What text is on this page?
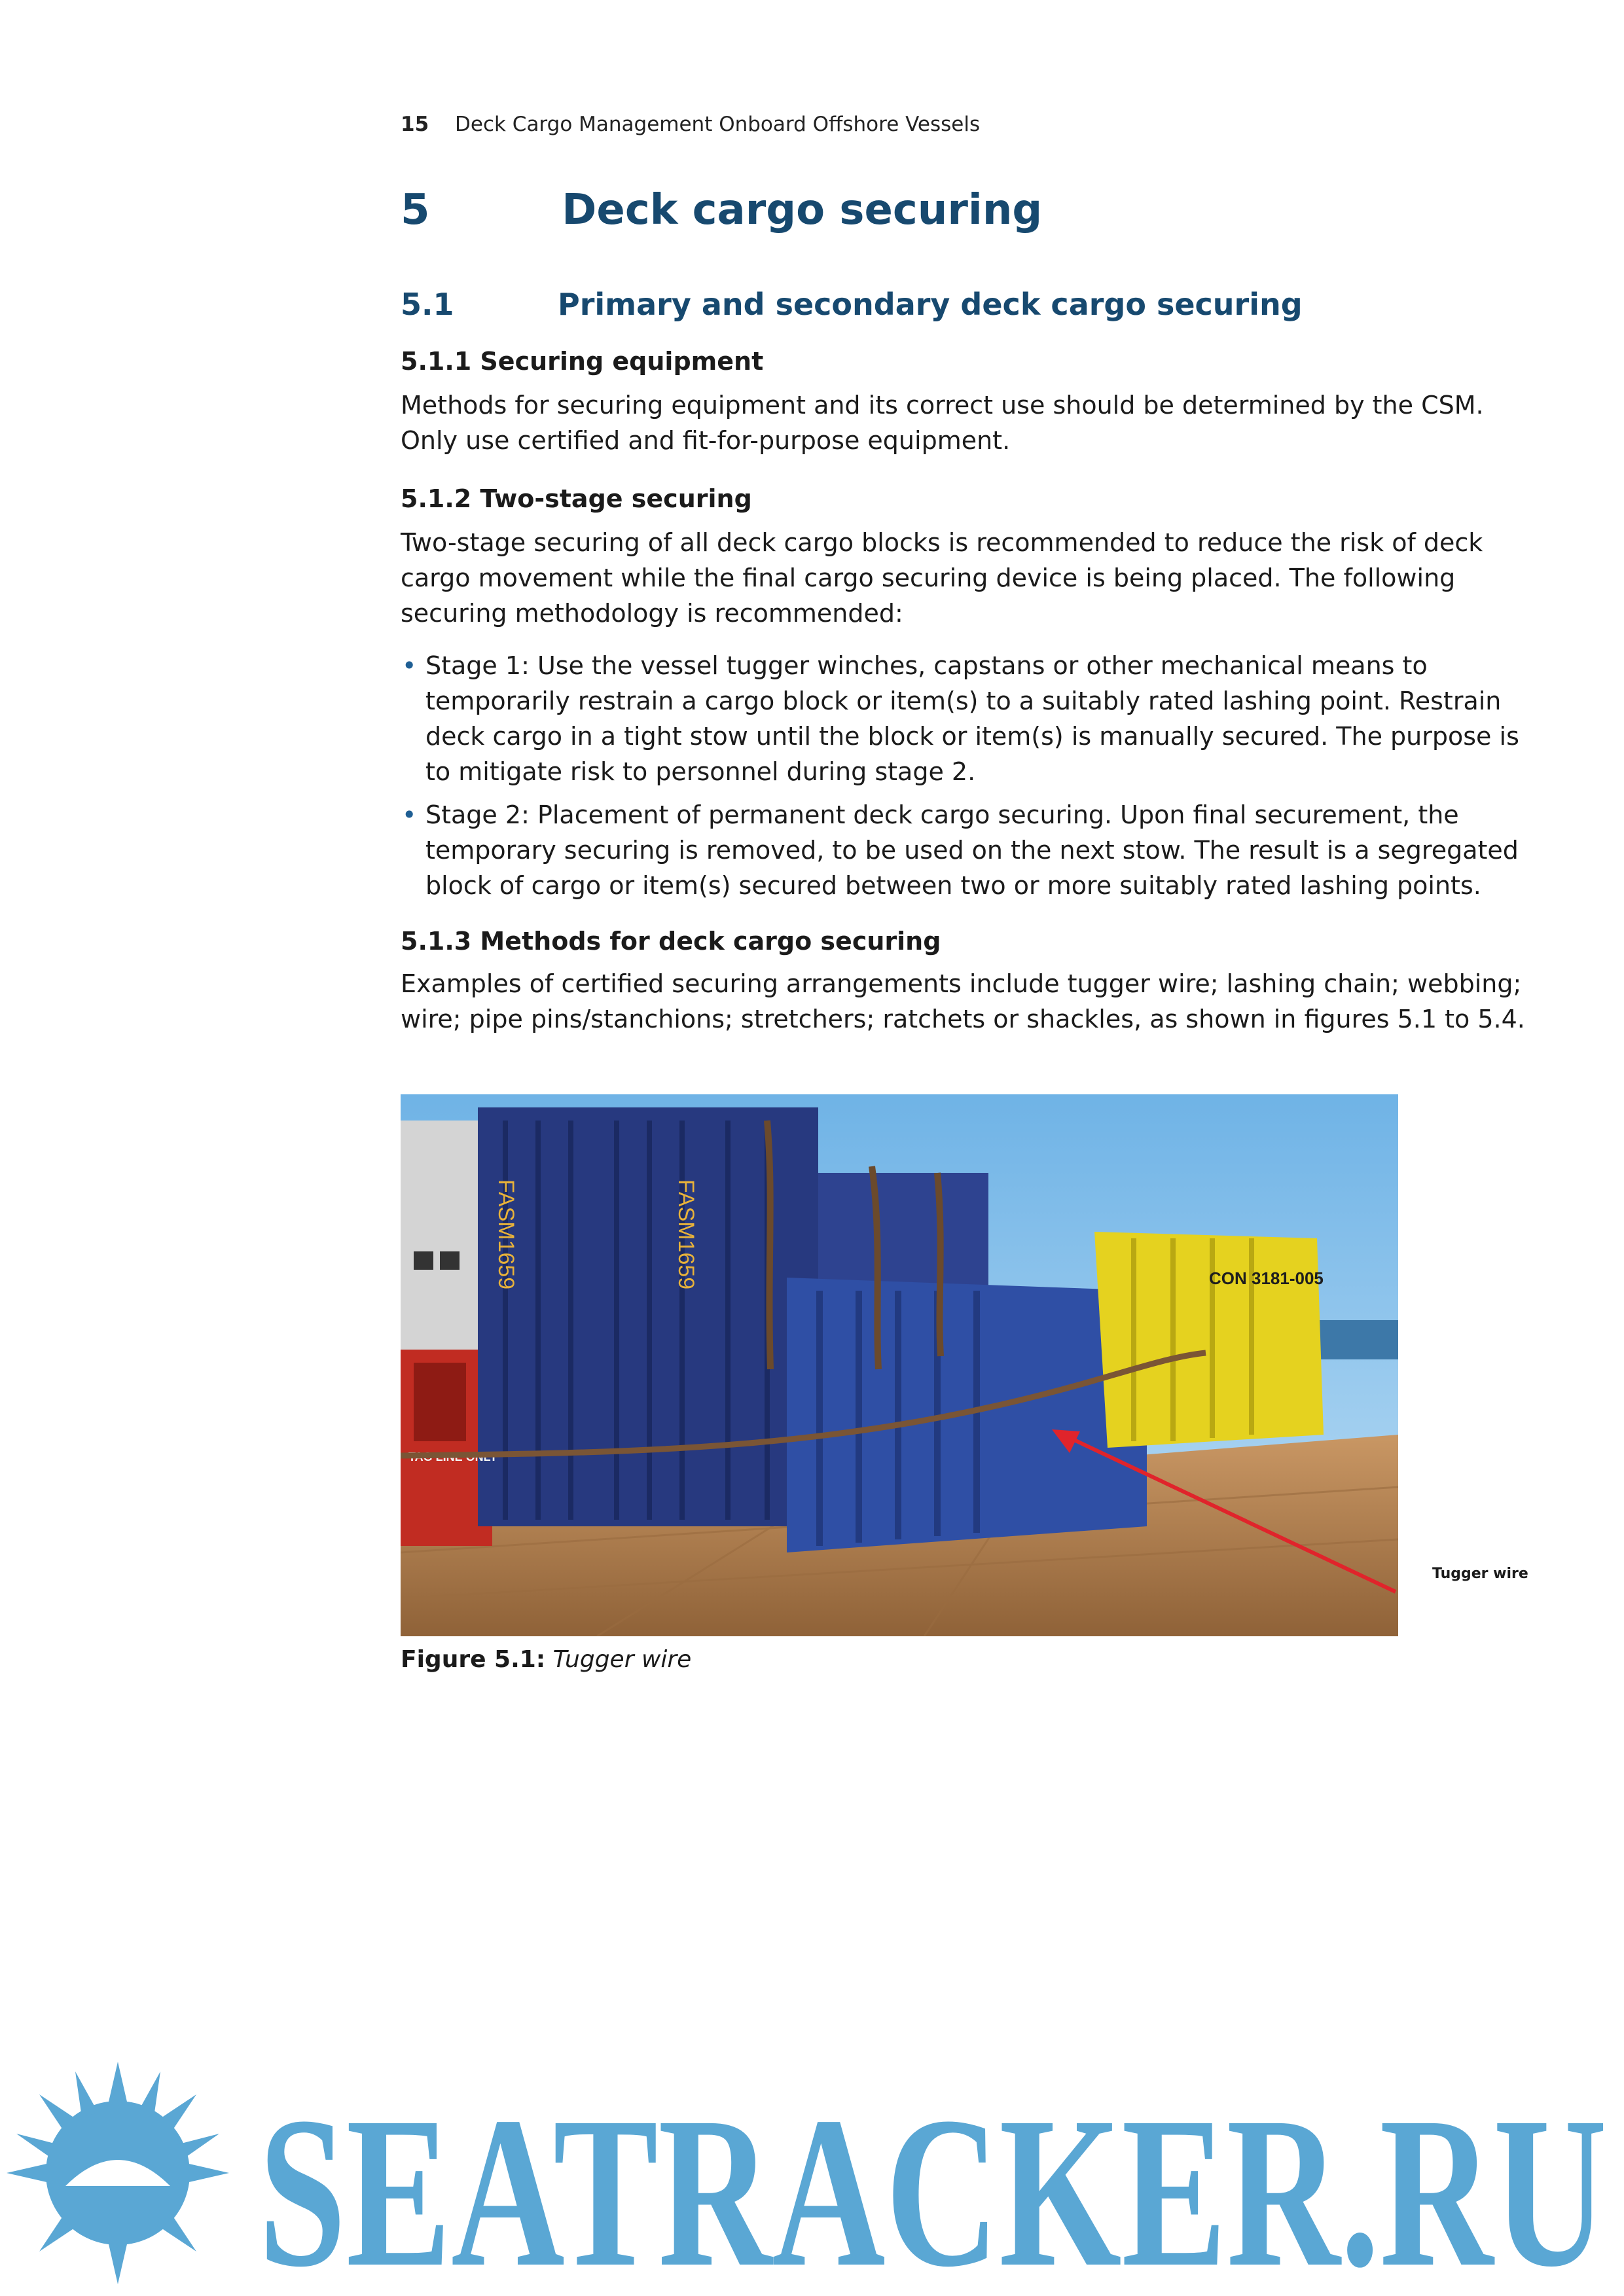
15 Deck Cargo Management Onboard Offshore Vessels
5	Deck cargo securing
5.1	Primary and secondary deck cargo securing
5.1.1 Securing equipment
Methods for securing equipment and its correct use should be determined by the CSM. Only use certified and fit-for-purpose equipment.
5.1.2 Two-stage securing
Two-stage securing of all deck cargo blocks is recommended to reduce the risk of deck cargo movement while the final cargo securing device is being placed. The following securing methodology is recommended:
• Stage 1: Use the vessel tugger winches, capstans or other mechanical means to temporarily restrain a cargo block or item(s) to a suitably rated lashing point. Restrain deck cargo in a tight stow until the block or item(s) is manually secured. The purpose is to mitigate risk to personnel during stage 2.
• Stage 2: Placement of permanent deck cargo securing. Upon final securement, the temporary securing is removed, to be used on the next stow. The result is a segregated block of cargo or item(s) secured between two or more suitably rated lashing points.
5.1.3 Methods for deck cargo securing
Examples of certified securing arrangements include tugger wire; lashing chain; webbing; wire; pipe pins/stanchions; stretchers; ratchets or shackles, as shown in figures 5.1 to 5.4.
FASM1659	FASM1659	CON 3181-005
TAG LINE ONLY
Tugger wire
Figure 5.1: Tugger wire
SEATRACKER.RU
